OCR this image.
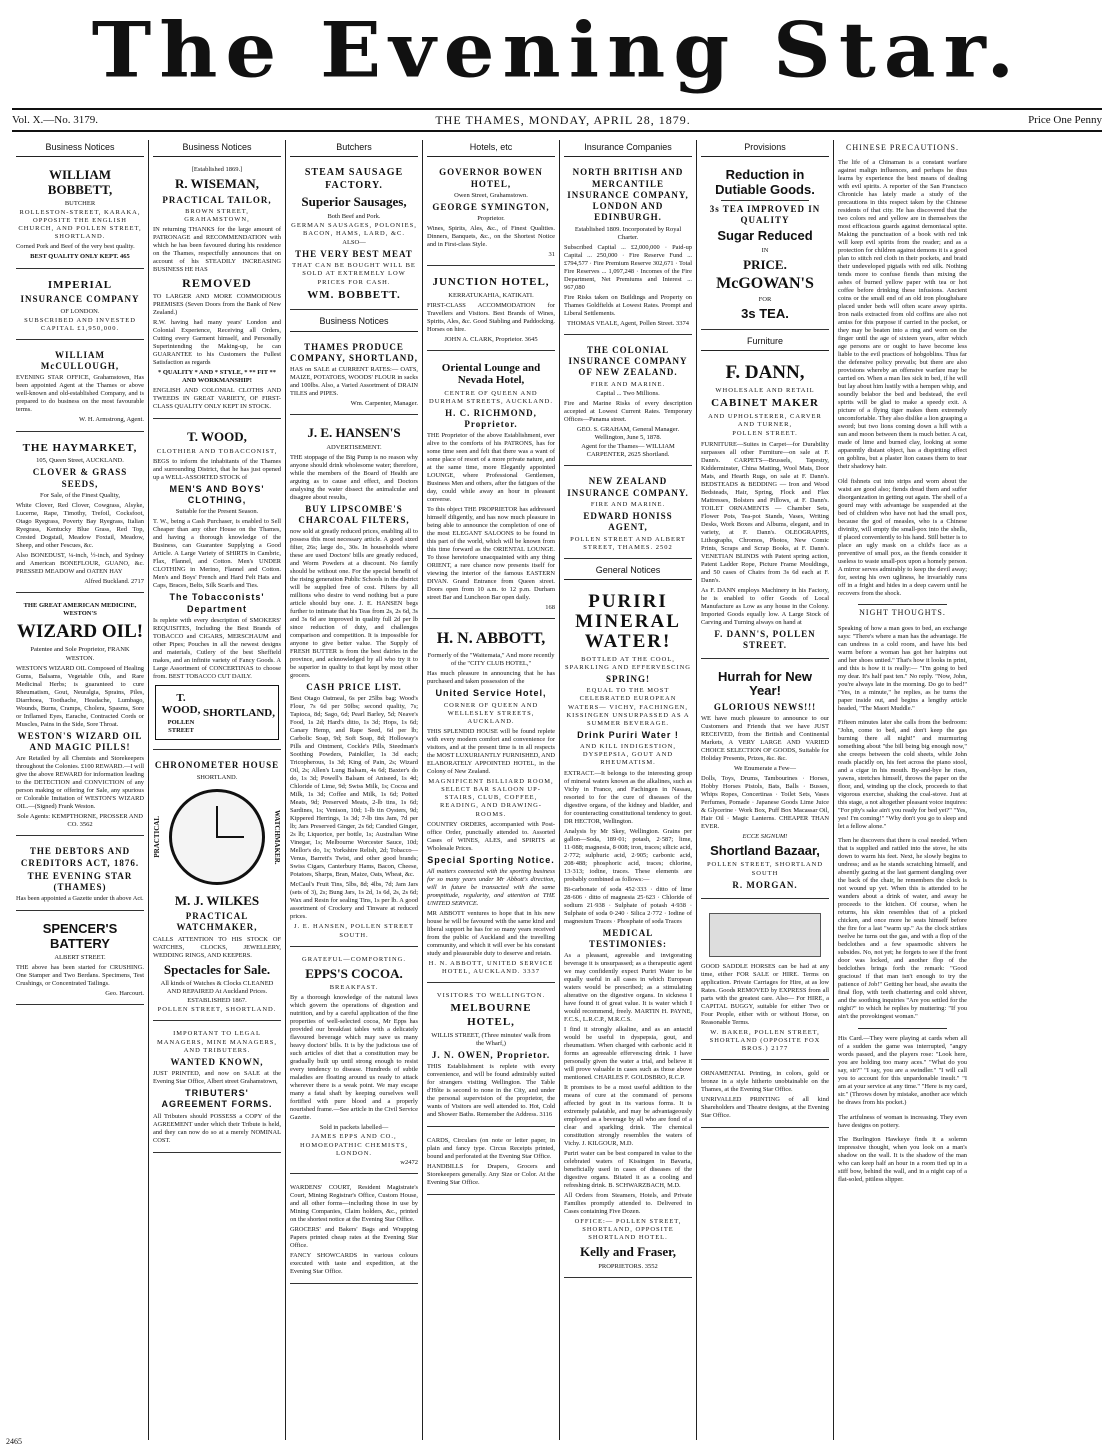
The Evening Star.
Vol. X.—No. 3179.	THE THAMES, MONDAY, APRIL 28, 1879.	Price One Penny
Business Notices
WILLIAM BOBBETT,
BUTCHER
ROLLESTON-STREET, KARAKA, OPPOSITE THE ENGLISH CHURCH, AND POLLEN STREET, SHORTLAND.

Corned Pork and Beef of the very best quality.

BEST QUALITY ONLY KEPT. 465
IMPERIAL
INSURANCE COMPANY
OF LONDON.
SUBSCRIBED AND INVESTED CAPITAL £1,950,000.
WILLIAM McCULLOUGH,

EVENING STAR OFFICE, Grahamstown, Has been appointed Agent at the Thames or above well-known and old-established Company, and is prepared to do business on the most favourable terms.

W. H. Armstrong, Agent.
THE HAYMARKET,
105, Queen Street, AUCKLAND.
CLOVER & GRASS SEEDS,
For Sale, of the Finest Quality,

White Clover, Red Clover, Cowgrass, Alsyke, Lucerne, Rape, Timothy, Trefoil, Cocksfoot, Otago Ryegrass, Poverty Bay Ryegrass, Italian Ryegrass, Kentucky Blue Grass, Red Top, Crested Dogstail, Meadow Foxtail, Meadow, Sheep, and other Fescues, &c.

Also BONEDUST, ¼-inch, ½-inch, and Sydney and American BONEFLOUR, GUANO, &c. PRESSED MEADOW and OATEN HAY

Alfred Buckland. 2717
THE GREAT AMERICAN MEDICINE, WESTON'S
WIZARD OIL!
Patentee and Sole Proprietor, FRANK WESTON.

WESTON'S WIZARD OIL Composed of Healing Gums, Balsams, Vegetable Oils, and Rare Medicinal Herbs; is guaranteed to cure Rheumatism, Gout, Neuralgia, Sprains, Piles, Diarrhoea, Toothache, Headache, Lumbago, Wounds, Burns, Cramps, Cholera, Spasms, Sore or Inflamed Eyes, Earache, Contracted Cords or Muscles, Pains in the Side, Sore Throat.

WESTON'S WIZARD OIL AND MAGIC PILLS!

Are Retailed by all Chemists and Storekeepers throughout the Colonies. £100 REWARD.—I will give the above REWARD for information leading to the DETECTION and CONVICTION of any person making or offering for Sale, any spurious or Colorable Imitation of WESTON'S WIZARD OIL.—(Signed) Frank Weston.

Sole Agents: KEMPTHORNE, PROSSER AND CO. 3562
THE DEBTORS AND CREDITORS ACT, 1876.
THE EVENING STAR (THAMES)

Has been appointed a Gazette under th above Act.

SPENCER'S BATTERY
ALBERT STREET.

THE above has been started for CRUSHING. One Stamper and Two Berdans. Specimens, Test Crushings, or Concentrated Tailings.

Geo. Harcourt.
Business Notices
[Established 1869.]
R. WISEMAN,
PRACTICAL TAILOR,
BROWN STREET, GRAHAMSTOWN,

IN returning THANKS for the large amount of PATRONAGE and RECOMMENDATION with which he has been favoured during his residence on the Thames, respectfully announces that on account of his STEADILY INCREASING BUSINESS HE HAS

REMOVED

TO LARGER AND MORE COMMODIOUS PREMISES (Seven Doors from the Bank of New Zealand.)

R.W. having had many years' London and Colonial Experience, Receiving all Orders, Cutting every Garment himself, and Personally Superintending the Making-up, he can GUARANTEE to his Customers the Fullest Satisfaction as regards

* QUALITY * AND * STYLE, * ** FIT ** AND WORKMANSHIP!

ENGLISH AND COLONIAL CLOTHS AND TWEEDS IN GREAT VARIETY, OF FIRST-CLASS QUALITY ONLY KEPT IN STOCK.

T. WOOD,
CLOTHIER AND TOBACCONIST,

BEGS to inform the inhabitants of the Thames and surrounding District, that he has just opened up a WELL-ASSORTED STOCK of

MEN'S AND BOYS' CLOTHING,
Suitable for the Present Season.

T. W., being a Cash Purchaser, is enabled to Sell Cheaper than any other House on the Thames, and having a thorough knowledge of the Business, can Guarantee Supplying a Good Article. A Large Variety of SHIRTS in Cambric, Flax, Flannel, and Cotton. Men's UNDER CLOTHING in Merino, Flannel and Cotton. Men's and Boys' French and Hard Felt Hats and Caps, Braces, Belts, Silk Scarfs and Ties.

The Tobacconists' Department

Is replete with every description of SMOKERS' REQUISITES, Including the Best Brands of TOBACCO and CIGARS, MERSCHAUM and other Pipes; Pouches in all the newest designs and materials, Cutlery of the best Sheffield makes, and an infinite variety of Fancy Goods. A Large Assortment of CONCERTINAS to choose from. BEST TOBACCO CUT DAILY.

T. WOOD,
POLLEN STREET
SHORTLAND,
CHRONOMETER HOUSE
SHORTLAND.
PRACTICAL	WATCHMAKER.
M. J. WILKES
PRACTICAL WATCHMAKER,

CALLS ATTENTION TO HIS STOCK OF WATCHES, CLOCKS, JEWELLERY, WEDDING RINGS, AND KEEPERS.

Spectacles for Sale.
All kinds of Watches & Clocks CLEANED AND REPAIRED At Auckland Prices.
ESTABLISHED 1867.
POLLEN STREET, SHORTLAND.
IMPORTANT TO LEGAL MANAGERS, MINE MANAGERS, AND TRIBUTERS.
WANTED KNOWN,

JUST PRINTED, and now on SALE at the Evening Star Office, Albert street Grahamstown,

TRIBUTERS' AGREEMENT FORMS.

All Tributers should POSSESS a COPY of the AGREEMENT under which their Tribute is held, and they can now do so at a merely NOMINAL COST.

Butchers
STEAM SAUSAGE FACTORY.
Superior Sausages,
Both Beef and Pork.
GERMAN SAUSAGES, POLONIES, BACON, HAMS, LARD, &C.
ALSO—
THE VERY BEST MEAT
THAT CAN BE BOUGHT WILL BE SOLD AT EXTREMELY LOW PRICES FOR CASH.
WM. BOBBETT.
Business Notices
THAMES PRODUCE COMPANY, SHORTLAND,

HAS on SALE at CURRENT RATES:— OATS, MAIZE, POTATOES, WOODS' FLOUR in sacks and 100lbs. Also, a Varied Assortment of DRAIN TILES and PIPES.

Wm. Carpenter, Manager.
J. E. HANSEN'S
ADVERTISEMENT.

THE stoppage of the Big Pump is no reason why anyone should drink wholesome water; therefore, while the members of the Board of Health are arguing as to cause and effect, and Doctors analysing the water dissect the animalculæ and disagree about results,

BUY LIPSCOMBE'S CHARCOAL FILTERS,

now sold at greatly reduced prices, enabling all to possess this most necessary article. A good sized filter, 26s; large do., 30s. In households where these are used Doctors' bills are greatly reduced, and Worm Powders at a discount. No family should be without one. For the special benefit of the rising generation Public Schools in the district will be supplied free of cost. Filters by all millions who desire to vend nothing but a pure article should buy one. J. E. HANSEN begs further to intimate that his Teas from 2s, 2s 6d, 3s and 3s 6d are improved in quality full 2d per lb since reduction of duty, and challenges comparison and competition. It is impossible for anyone to give better value. The Supply of FRESH BUTTER is from the best dairies in the province, and acknowledged by all who try it to be superior in quality to that kept by most other grocers.

CASH PRICE LIST.

Best Otago Oatmeal, 6s per 25lbs bag; Wood's Flour, 7s 6d per 50lbs; second quality, 7s; Tapioca, 8d; Sago, 6d; Pearl Barley, 5d; Neave's Food, 1s 2d; Hard's ditto, 1s 3d; Hops, 1s 6d; Canary Hemp, and Rape Seed, 6d per lb; Carbolic Soap, 9d; Soft Soap, 8d; Holloway's Pills and Ointment, Cockle's Pills, Steedman's Soothing Powders, Painkiller, 1s 3d each; Tricopherous, 1s 3d; King of Pain, 2s; Wizard Oil, 2s; Allen's Lung Balsam, 4s 6d; Baxter's do do, 1s 3d; Powell's Balsam of Aniseed, 1s 4d; Chloride of Lime, 9d; Swiss Milk, 1s; Cocoa and Milk, 1s 3d; Coffee and Milk, 1s 6d; Potted Meats, 9d; Preserved Meats, 2-lb tins, 1s 6d; Sardines, 1s; Venison, 10d; 1-lb tin Oysters, 9d; Kippered Herrings, 1s 3d; 7-lb tins Jam, 7d per lb; Jars Preserved Ginger, 2s 6d; Candied Ginger, 2s lb; Liquorice, per bottle, 1s; Australian Wine Vinegar, 1s; Melbourne Worcester Sauce, 10d; Mellor's do, 1s; Yorkshire Relish, 2d; Tobacco—Venus, Barrett's Twist, and other good brands; Swiss Cigars, Canterbury Hams, Bacon, Cheese, Potatoes, Sharps, Bran, Maize, Oats, Wheat, &c.

McCaul's Fruit Tins, 5lbs, 8d; 4lbs, 7d; Jam Jars (sets of 3), 2s; Bung Jars, 1s 2d, 1s 6d, 2s, 2s 6d; Wax and Resin for sealing Tins, 1s per lb. A good assortment of Crockery and Tinware at reduced prices.

J. E. HANSEN, POLLEN STREET SOUTH.
GRATEFUL—COMFORTING.
EPPS'S COCOA.
BREAKFAST.

By a thorough knowledge of the natural laws which govern the operations of digestion and nutrition, and by a careful application of the fine properties of well-selected cocoa, Mr Epps has provided our breakfast tables with a delicately flavoured beverage which may save us many heavy doctors' bills. It is by the judicious use of such articles of diet that a constitution may be gradually built up until strong enough to resist every tendency to disease. Hundreds of subtle maladies are floating around us ready to attack wherever there is a weak point. We may escape many a fatal shaft by keeping ourselves well fortified with pure blood and a properly nourished frame.—See article in the Civil Service Gazette.

Sold in packets labelled—
JAMES EPPS AND CO., HOMOEOPATHIC CHEMISTS, LONDON.
w2472

WARDENS' COURT, Resident Magistrate's Court, Mining Registrar's Office, Custom House, and all other forms—including those in use by Mining Companies, Claim holders, &c., printed on the shortest notice at the Evening Star Office.

GROCERS' and Bakers' Bags and Wrapping Papers printed cheap rates at the Evening Star Office.

FANCY SHOWCARDS in various colours executed with taste and expedition, at the Evening Star Office.

Hotels, etc
GOVERNOR BOWEN HOTEL,
Owen Street, Grahamstown.
GEORGE SYMINGTON,
Proprietor.

Wines, Spirits, Ales, &c., of Finest Qualities. Dinners, Banquets, &c., on the Shortest Notice and in First-class Style.

31
JUNCTION HOTEL,
KERRATUKAHIA, KATIKATI.

FIRST-CLASS ACCOMMODATION for Travellers and Visitors. Best Brands of Wines, Spirits, Ales, &c. Good Stabling and Paddocking. Horses on hire.

JOHN A. CLARK, Proprietor. 3645
Oriental Lounge and Nevada Hotel,
CENTRE OF QUEEN AND DURHAM STREETS, AUCKLAND.
H. C. RICHMOND, Proprietor.

THE Proprietor of the above Establishment, ever alive to the comforts of his PATRONS, has for some time seen and felt that there was a want of some place of resort of a more private nature, and at the same time, more Elegantly appointed LOUNGE, where Professional Gentlemen, Business Men and others, after the fatigues of the day, could while away an hour in pleasant converse.

To this object THE PROPRIETOR has addressed himself diligently, and has now much pleasure in being able to announce the completion of one of the most ELEGANT SALOONS to be found in this part of the world, which will be known from this time forward as the ORIENTAL LOUNGE. To those heretofore unacquainted with any thing ORIENT, a rare chance now presents itself for viewing the interior of the famous EASTERN DIVAN. Grand Entrance from Queen street. Doors open from 10 a.m. to 12 p.m. Durham street Bar and Luncheon Bar open daily.

168
H. N. ABBOTT,
Formerly of the "Waitemata," And more recently of the "CITY CLUB HOTEL,"

Has much pleasure in announcing that he has purchased and taken possession of the

United Service Hotel,
CORNER OF QUEEN AND WELLESLEY STREETS, AUCKLAND.

THIS SPLENDID HOUSE will be found replete with every modern comfort and convenience for visitors, and at the present time is in all respects the MOST LUXURIANTLY FURNISHED, AND ELABORATELY APPOINTED HOTEL, in the Colony of New Zealand.

MAGNIFICENT BILLIARD ROOM, SELECT BAR SALOON UP-STAIRS, CLUB, COFFEE, READING, AND DRAWING-ROOMS.

COUNTRY ORDERS, accompanied with Post-office Order, punctually attended to. Assorted Cases of WINES, ALES, and SPIRITS at Wholesale Prices.

Special Sporting Notice.

All matters connected with the sporting business for so many years under Mr Abbott's direction, will in future be transacted with the same promptitude, regularity, and attention at THE UNITED SERVICE.

MR ABBOTT ventures to hope that in his new house he will be favoured with the same kind and liberal support he has for so many years received from the public of Auckland and the travelling community, and which it will ever be his constant study and pleasurable duty to deserve and retain.

H. N. ABBOTT, UNITED SERVICE HOTEL, AUCKLAND. 3337
VISITORS TO WELLINGTON.
MELBOURNE HOTEL,
WILLIS STREET, (Three minutes' walk from the Wharf,)
J. N. OWEN, Proprietor.

THIS Establishment is replete with every convenience, and will be found admirably suited for strangers visiting Wellington. The Table d'Hôte is second to none in the City, and under the personal supervision of the proprietor, the wants of Visitors are well attended to. Hot, Cold and Shower Baths. Remember the Address. 3116

CARDS, Circulars (on note or letter paper, in plain and fancy type. Circus Receipts printed, bound and perforated at the Evening Star Office.

HANDBILLS for Drapers, Grocers and Storekeepers generally. Any Size or Color. At the Evening Star Office.

Insurance Companies
NORTH BRITISH AND MERCANTILE INSURANCE COMPANY, LONDON AND EDINBURGH.
Established 1809. Incorporated by Royal Charter.

Subscribed Capital ... £2,000,000 · Paid-up Capital ... 250,000 · Fire Reserve Fund ... £794,577 · Fire Premium Reserve 302,671 · Total Fire Reserves ... 1,097,248 · Incomes of the Fire Department, Net Premiums and Interest ... 967,080

Fire Risks taken on Buildings and Property on Thames Goldfields at Lowest Rates. Prompt and Liberal Settlements.

THOMAS VEALE, Agent, Pollen Street. 3374
THE COLONIAL INSURANCE COMPANY OF NEW ZEALAND.
FIRE AND MARINE.
Capital ... Two Millions.

Fire and Marine Risks of every description accepted at Lowest Current Rates. Temporary Offices—Panama street.

GEO. S. GRAHAM, General Manager. Wellington, June 5, 1878.
Agent for the Thames— WILLIAM CARPENTER, 2625 Shortland.
NEW ZEALAND INSURANCE COMPANY.
FIRE AND MARINE.
EDWARD HONISS AGENT,
POLLEN STREET AND ALBERT STREET, THAMES. 2502
General Notices
PURIRI MINERAL WATER!
BOTTLED AT THE COOL, SPARKLING AND EFFERVESCING
SPRING!
EQUAL TO THE MOST CELEBRATED EUROPEAN WATERS— VICHY, FACHINGEN, KISSINGEN UNSURPASSED AS A SUMMER BEVERAGE.
Drink Puriri Water !
AND KILL INDIGESTION, DYSPEPSIA, GOUT AND RHEUMATISM.

EXTRACT.—It belongs to the interesting group of mineral waters known as the alkalines, such as Vichy in France, and Fachingen in Nassau, resorted to for the cure of diseases of the digestive organs, of the kidney and bladder, and for counteracting constitutional tendency to gout. DR HECTOR, Wellington.

Analysis by Mr Skey, Wellington. Grains per gallon—Soda, 189·01; potash, 2·587; lime, 11·088; magnesia, 8·008; iron, traces; silicic acid, 2·772; sulphuric acid, 2·905; carbonic acid, 208·488; phosphoric acid, traces; chlorine, 13·313; iodine, traces. These elements are probably combined as follows:—

Bi-carbonate of soda 452·333 · ditto of lime 28·606 · ditto of magnesia 25·623 · Chloride of sodium 21·938 · Sulphate of potash 4·938 · Sulphate of soda 0·240 · Silica 2·772 · Iodine of magnesium Traces · Phosphate of soda Traces

MEDICAL TESTIMONIES:

As a pleasant, agreeable and invigorating beverage it is unsurpassed; as a therapeutic agent we may confidently expect Puriri Water to be equally useful in all cases in which European waters would be prescribed; as a stimulating alterative on the digestive organs. In sickness I have found it of great value. It is water which I would recommend, freely. MARTIN H. PAYNE, F.C.S., L.R.C.P., M.R.C.S.

I find it strongly alkaline, and as an antacid would be useful in dyspepsia, gout, and rheumatism. When charged with carbonic acid it forms an agreeable effervescing drink. I have personally given the water a trial, and believe it will prove valuable in cases such as those above mentioned. CHARLES F. GOLDSBRO, R.C.P.

It promises to be a most useful addition to the means of cure at the command of persons affected by gout in its various forms. It is extremely palatable, and may be advantageously employed as a beverage by all who are fond of a clear and sparkling drink. The chemical constitution strongly resembles the waters of Vichy. J. KILGOUR, M.D.

Puriri water can be best compared in value to the celebrated waters of Kissingen in Bavaria, beneficially used in cases of diseases of the digestive organs. Bitated it as a cooling and refreshing drink. B. SCHWARZBACH, M.D.

All Orders from Steamers, Hotels, and Private Families promptly attended to. Delivered in Cases containing Five Dozen.

OFFICE:— POLLEN STREET, SHORTLAND, OPPOSITE SHORTLAND HOTEL.
Kelly and Fraser,
PROPRIETORS. 3552
Provisions
Reduction in Dutiable Goods.
3s TEA IMPROVED IN QUALITY
Sugar Reduced
IN
PRICE.
McGOWAN'S
FOR
3s TEA.
Furniture
F. DANN,
WHOLESALE AND RETAIL
CABINET MAKER
AND UPHOLSTERER, CARVER AND TURNER,
POLLEN STREET.

FURNITURE—Suites in Carpet—for Durability surpasses all other Furniture—on sale at F. Dann's. CARPETS—Brussels, Tapestry, Kidderminster, China Matting, Wool Mats, Door Mats, and Hearth Rugs, on sale at F. Dann's. BEDSTEADS & BEDDING — Iron and Wood Bedsteads, Hair, Spring, Flock and Flax Mattresses, Bolsters and Pillows, at F. Dann's. TOILET ORNAMENTS — Chamber Sets, Flower Pots, Tea-pot Stands, Vases, Writing Desks, Work Boxes and Albums, elegant, and in variety, at F. Dann's. OLEOGRAPHS, Lithographs, Chromos, Photos, New Comic Prints, Scraps and Scrap Books, at F. Dann's. VENETIAN BLINDS with Patent spring action, Patent Ladder Rope, Picture Frame Mouldings, and 50 cases of Chairs from 3s 6d each at F. Dann's.

As F. DANN employs Machinery in his Factory, he is enabled to offer Goods of Local Manufacture as Low as any house in the Colony. Imported Goods equally low. A Large Stock of Carving and Turning always on hand at

F. DANN'S, POLLEN STREET.
Hurrah for New Year!
GLORIOUS NEWS!!!

WE have much pleasure to announce to our Customers and Friends that we have JUST RECEIVED, from the British and Continental Markets, A VERY LARGE AND VARIED CHOICE SELECTION OF GOODS, Suitable for Holiday Presents, Prizes, &c. &c.

We Enumerate a Few—

Dolls, Toys, Drums, Tambourines · Horses, Hobby Horses Pistols, Bats, Balls · Busses, Whips Ropes, Concertinas · Toilet Sets, Vases Perfumes, Pomade · Japanese Goods Lime Juice & Glycerine · Work Box, Puff Box Macassar Oil, Hair Oil · Magic Lanterns. CHEAPER THAN EVER.

ECCE SIGNUM!
Shortland Bazaar,
POLLEN STREET, SHORTLAND SOUTH
R. MORGAN.

GOOD SADDLE HORSES can be had at any time, either FOR SALE or HIRE. Terms on application. Private Carriages for Hire, at as low Rates. Goods REMOVED by EXPRESS from all parts with the greatest care. Also— For HIRE, a CAPITAL BUGGY, suitable for either Two or Four People, either with or without Horse, on Reasonable Terms.

W. BAKER, POLLEN STREET, SHORTLAND (OPPOSITE FOX BROS.) 2177

ORNAMENTAL Printing, in colors, gold or bronze in a style hitherto unobtainable on the Thames, at the Evening Star Office.

UNRIVALLED PRINTING of all kind Shareholders and Theatre designs, at the Evening Star Office.

CHINESE PRECAUTIONS.

The life of a Chinaman is a constant warfare against malign influences, and perhaps he thus learns by experience the best means of dealing with evil spirits. A reporter of the San Francisco Chronicle has lately made a study of the precautions in this respect taken by the Chinese residents of that city. He has discovered that the two colors red and yellow are in themselves the most efficacious guards against demoniacal spite. Making the punctuation of a book with red ink will keep evil spirits from the reader; and as a protection for children against demons it is a good plan to stitch red cloth in their pockets, and braid their undeveloped pigtails with red silk. Nothing tends more to confuse fiends than mixing the ashes of burned yellow paper with tea or hot coffee before drinking these infusions. Ancient coins or the small end of an old iron ploughshare placed under beds will often scare away spirits. Iron nails extracted from old coffins are also not amiss for this purpose if carried in the pocket, or they may be beaten into a ring and worn on the finger until the age of sixteen years, after which age persons are or ought to have become less liable to the evil practices of hobgoblins. Thus far the defensive policy prevails; but there are also provisions whereby an offensive warfare may be carried on. When a man lies sick in bed, if he will but lay about him lustily with a hempen whip, and soundly belabor the bed and bedstead, the evil spirits will be glad to make a speedy exit. A picture of a flying tiger makes them extremely uncomfortable. They also dislike a lion grasping a sword; but two lions coming down a hill with a sun and moon between them is much better. A cat, made of lime and burned clay, looking at some apparently distant object, has a dispiriting effect on goblins, but a plaster lion causes them to tear their shadowy hair.

Old fishnets cut into strips and worn about the waist are good also; fiends dread them and suffer disorganization in getting out again. The shell of a gourd may with advantage be suspended at the bed of children who have not had the small pox, because the god of measles, who is a Chinese divinity, will empty the small-pox into the shells, if placed conveniently to his hand. Still better is to place an ugly mask on a child's face as a preventive of small pox, as the fiends consider it useless to waste small-pox upon a homely person. A mirror serves admirably to keep the devil away; for, seeing his own ugliness, he invariably runs off in a fright and hides in a deep cavern until he recovers from the shock.

NIGHT THOUGHTS.

Speaking of how a man goes to bed, an exchange says: "There's where a man has the advantage. He can undress in a cold room, and have his bed warm before a woman has got her hairpins out and her shoes untied." That's how it looks in print, and this is how it is really:— "I'm going to bed my dear. It's half past ten." No reply. "Now, John, you're always late in the morning. Do go to bed!" "Yes, in a minute," he replies, as he turns the paper inside out, and begins a lengthy article headed, "The Maori Muddle."

Fifteen minutes later she calls from the bedroom: "John, come to bed, and don't keep the gas burning there all night!" and murmuring something about "the bill being big enough now," she creeps between the cold sheets, while John reads placidly on, his feet across the piano stool, and a cigar in his mouth. By-and-bye he rises, yawns, stretches himself, throws the paper on the floor, and, winding up the clock, proceeds to that vigorous exercise, shaking the coal-stove. Just at this stage, a not altogether pleasant voice inquires: "For pity's sake ain't you ready for bed yet?" "Yes, yes! I'm coming!" "Why don't you go to sleep and let a fellow alone."

Then he discovers that there is coal needed. When that is supplied and rattled into the stove, he sits down to warm his feet. Next, he slowly begins to undress; and as he stands scratching himself, and absently gazing at the last garment dangling over the back of the chair, he remembers the clock is not wound up yet. When this is attended to he wanders about a drink of water, and away he proceeds to the kitchen. Of course, when he returns, his skin resembles that of a picked chicken, and once more he seats himself before the fire for a last "warm up." As the clock strikes twelve he turns out the gas, and with a flop of the bedclothes and a few spasmodic shivers he subsides. No, not yet; he forgets to see if the front door was locked, and another flop of the bedclothes brings forth the remark: "Good gracious! if that man isn't enough to try the patience of Job!" Getting her head, she awaits the final flop, with teeth chattering and cold shiver, and the soothing inquiries "Are you settled for the night?" to which he replies by muttering: "If you ain't the provokingest woman."

His Card.—They were playing at cards when all of a sudden the game was interrupted, "angry words passed, and the players rose: "Look here, you are holding too many aces." "What do you say, sir?" "I say, you are a swindler." "I will call you to account for this unpardonable insult." "I am at your service at any time." "Here is my card, sir." (Throws down by mistake, another ace which he draws from his pocket.)

The artfulness of woman is increasing. They even have designs on pottery.

The Burlington Hawkeye finds it a solemn impressive thought, when you look on a man's shadow on the wall. It is the shadow of the man who can keep half an hour in a room tied up in a stiff bow, behind the wall, and in a night cap of a flat-soled, pitiless slipper.

2465
